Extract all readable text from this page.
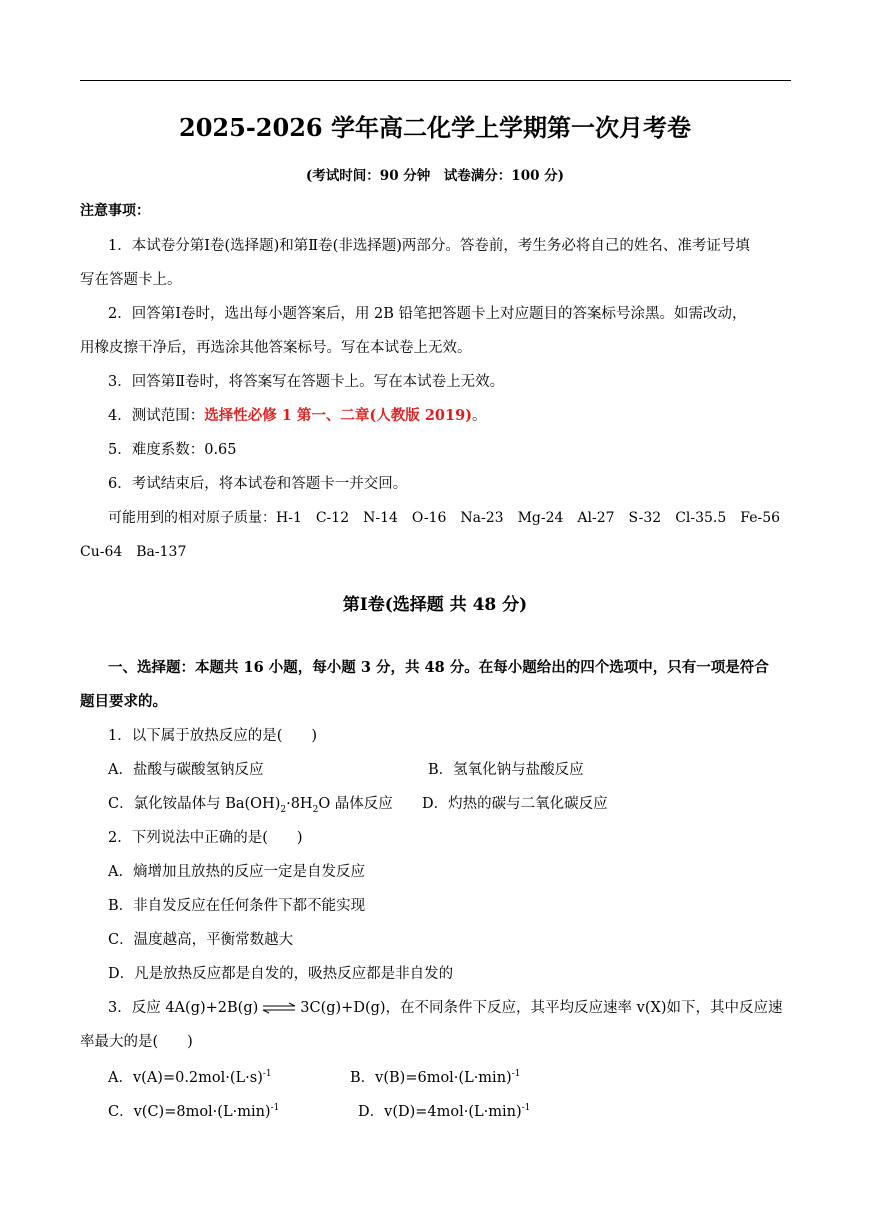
2025-2026 学年高二化学上学期第一次月考卷
(考试时间：90 分钟　试卷满分：100 分)
注意事项：
1．本试卷分第Ⅰ卷(选择题)和第Ⅱ卷(非选择题)两部分。答卷前，考生务必将自己的姓名、准考证号填
写在答题卡上。
2．回答第Ⅰ卷时，选出每小题答案后，用 2B 铅笔把答题卡上对应题目的答案标号涂黑。如需改动，
用橡皮擦干净后，再选涂其他答案标号。写在本试卷上无效。
3．回答第Ⅱ卷时，将答案写在答题卡上。写在本试卷上无效。
4．测试范围：选择性必修 1 第一、二章(人教版 2019)。
5．难度系数：0.65
6．考试结束后，将本试卷和答题卡一并交回。
可能用到的相对原子质量：H-1　C-12　N-14　O-16　Na-23　Mg-24　Al-27　S-32　Cl-35.5　Fe-56
Cu-64　Ba-137
第Ⅰ卷(选择题 共 48 分)
一、选择题：本题共 16 小题，每小题 3 分，共 48 分。在每小题给出的四个选项中，只有一项是符合
题目要求的。
1．以下属于放热反应的是(　　)
A．盐酸与碳酸氢钠反应	B．氢氧化钠与盐酸反应
C．氯化铵晶体与 $Ba(OH)_2\cdot 8H_2O$ 晶体反应 D．灼热的碳与二氧化碳反应
2．下列说法中正确的是(　　)
A．熵增加且放热的反应一定是自发反应
B．非自发反应在任何条件下都不能实现
C．温度越高，平衡常数越大
D．凡是放热反应都是自发的，吸热反应都是非自发的
3．反应 4A(g)+2B(g) ⇌ 3C(g)+D(g)，在不同条件下反应，其平均反应速率 v(X)如下，其中反应速
率最大的是(　　)
A．$v(A)=0.2mol\cdot(L\cdot s)^{-1}$	B．$v(B)=6mol\cdot(L\cdot\min)^{-1}$
C．$v(C)=8mol\cdot(L\cdot\min)^{-1}$	D．$v(D)=4mol\cdot(L\cdot\min)^{-1}$
